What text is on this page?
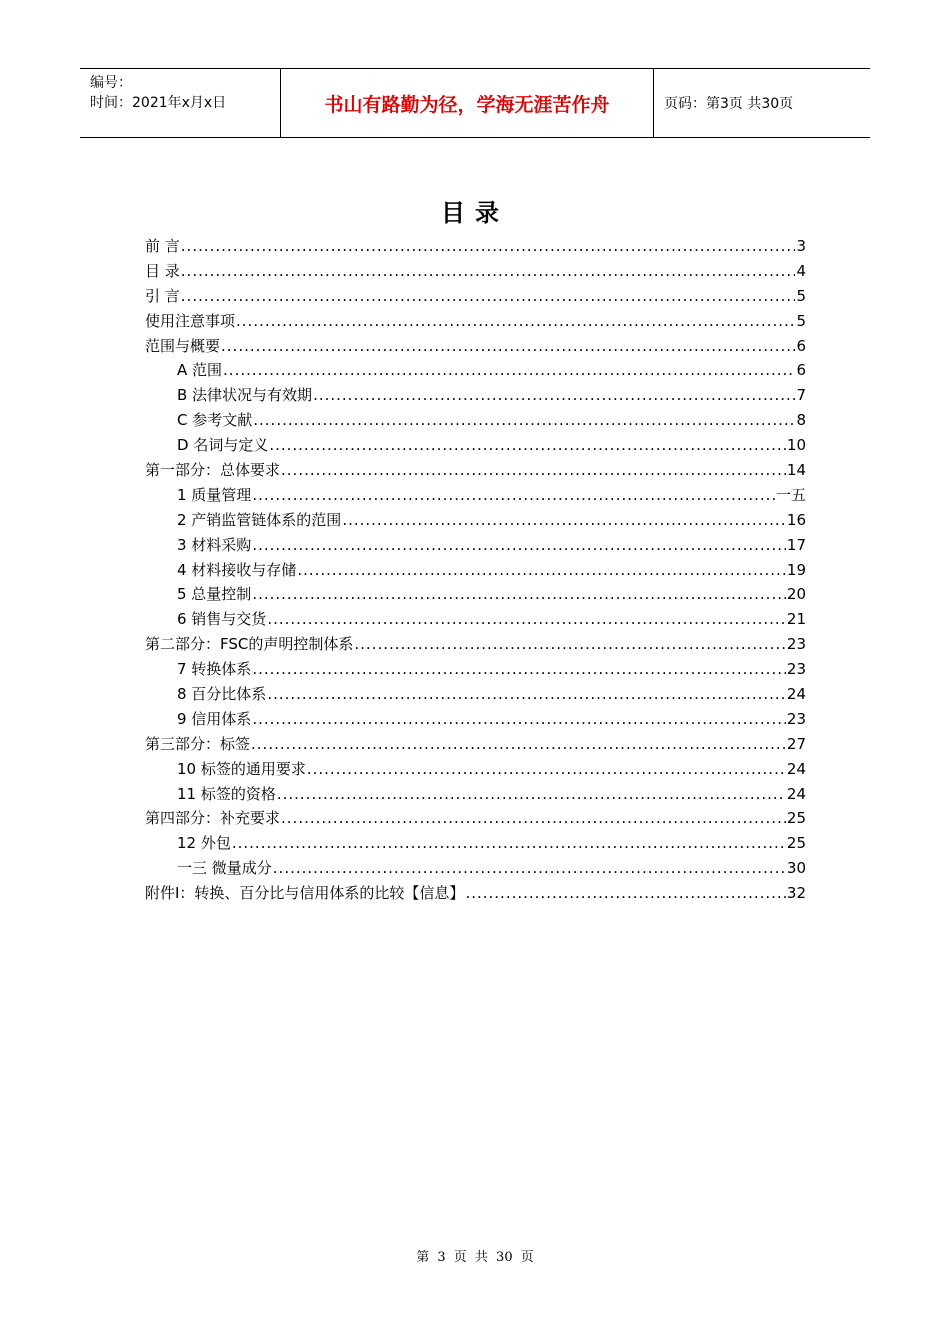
编号：
时间：2021年x月x日	书山有路勤为径，学海无涯苦作舟	页码：第3页 共30页
目录
前 言 .....	3
目 录 .....	4
引 言 .....	5
使用注意事项 .....	5
范围与概要 .....	6
A 范围 .....	6
B 法律状况与有效期 .....	7
C 参考文献 .....	8
D 名词与定义 .....	10
第一部分：总体要求 .....	14
1 质量管理 .....	一五
2 产销监管链体系的范围 .....	16
3 材料采购 .....	17
4 材料接收与存储 .....	19
5 总量控制 .....	20
6 销售与交货 .....	21
第二部分：FSC的声明控制体系 .....	23
7 转换体系 .....	23
8 百分比体系 .....	24
9 信用体系 .....	23
第三部分：标签 .....	27
10 标签的通用要求 .....	24
11 标签的资格 .....	24
第四部分：补充要求 .....	25
12 外包 .....	25
一三 微量成分 .....	30
附件I：转换、百分比与信用体系的比较【信息】 .....	32
第 3 页 共 30 页
